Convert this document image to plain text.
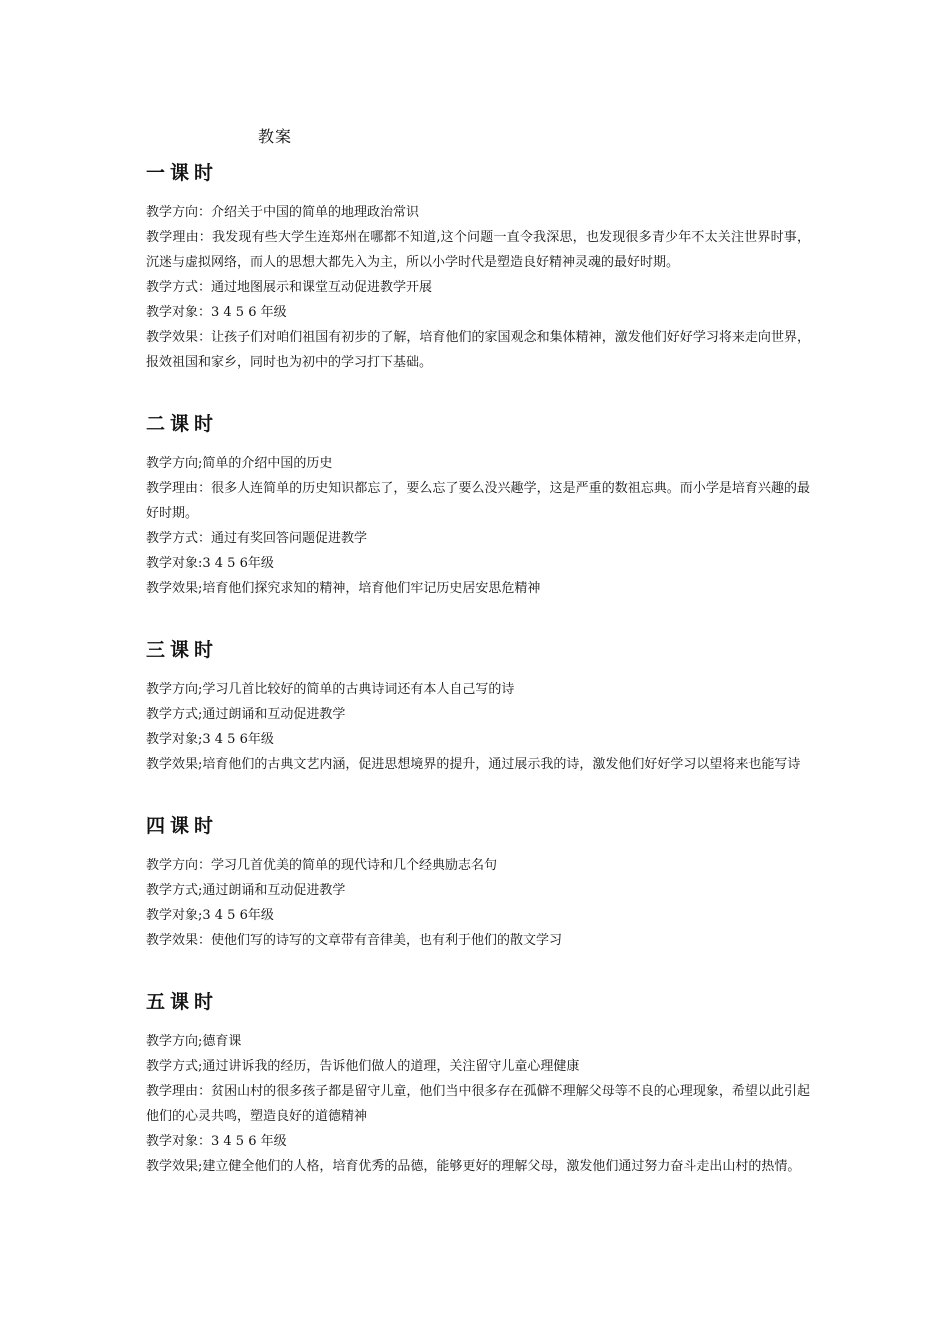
教案
一课时

教学方向：介绍关于中国的简单的地理政治常识

教学理由：我发现有些大学生连郑州在哪都不知道,这个问题一直令我深思，也发现很多青少年不太关注世界时事，沉迷与虚拟网络，而人的思想大都先入为主，所以小学时代是塑造良好精神灵魂的最好时期。

教学方式：通过地图展示和课堂互动促进教学开展

教学对象：3 4 5 6 年级

教学效果：让孩子们对咱们祖国有初步的了解，培育他们的家国观念和集体精神，激发他们好好学习将来走向世界，报效祖国和家乡，同时也为初中的学习打下基础。

二课时

教学方向;简单的介绍中国的历史

教学理由：很多人连简单的历史知识都忘了，要么忘了要么没兴趣学，这是严重的数祖忘典。而小学是培育兴趣的最好时期。

教学方式：通过有奖回答问题促进教学

教学对象:3 4 5 6年级

教学效果;培育他们探究求知的精神，培育他们牢记历史居安思危精神

三课时

教学方向;学习几首比较好的简单的古典诗词还有本人自己写的诗

教学方式;通过朗诵和互动促进教学

教学对象;3 4 5 6年级

教学效果;培育他们的古典文艺内涵，促进思想境界的提升，通过展示我的诗，激发他们好好学习以望将来也能写诗

四课时

教学方向：学习几首优美的简单的现代诗和几个经典励志名句

教学方式;通过朗诵和互动促进教学

教学对象;3 4 5 6年级

教学效果：使他们写的诗写的文章带有音律美，也有利于他们的散文学习

五课时

教学方向;德育课

教学方式;通过讲诉我的经历，告诉他们做人的道理，关注留守儿童心理健康

教学理由：贫困山村的很多孩子都是留守儿童，他们当中很多存在孤僻不理解父母等不良的心理现象，希望以此引起他们的心灵共鸣，塑造良好的道德精神

教学对象：3 4 5 6 年级

教学效果;建立健全他们的人格，培育优秀的品德，能够更好的理解父母，激发他们通过努力奋斗走出山村的热情。
